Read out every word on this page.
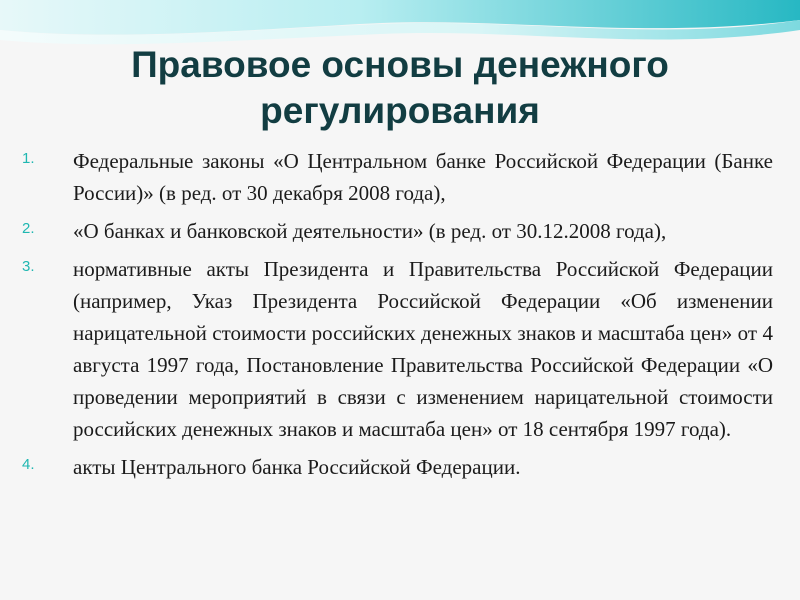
Правовое основы денежного регулирования
1. Федеральные законы «О Центральном банке Российской Федерации (Банке России)» (в ред. от 30 декабря 2008 года),
2. «О банках и банковской деятельности» (в ред. от 30.12.2008 года),
3. нормативные акты Президента и Правительства Российской Федерации (например, Указ Президента Российской Федерации «Об изменении нарицательной стоимости российских денежных знаков и масштаба цен» от 4 августа 1997 года, Постановление Правительства Российской Федерации «О проведении мероприятий в связи с изменением нарицательной стоимости российских денежных знаков и масштаба цен» от 18 сентября 1997 года).
4. акты Центрального банка Российской Федерации.
